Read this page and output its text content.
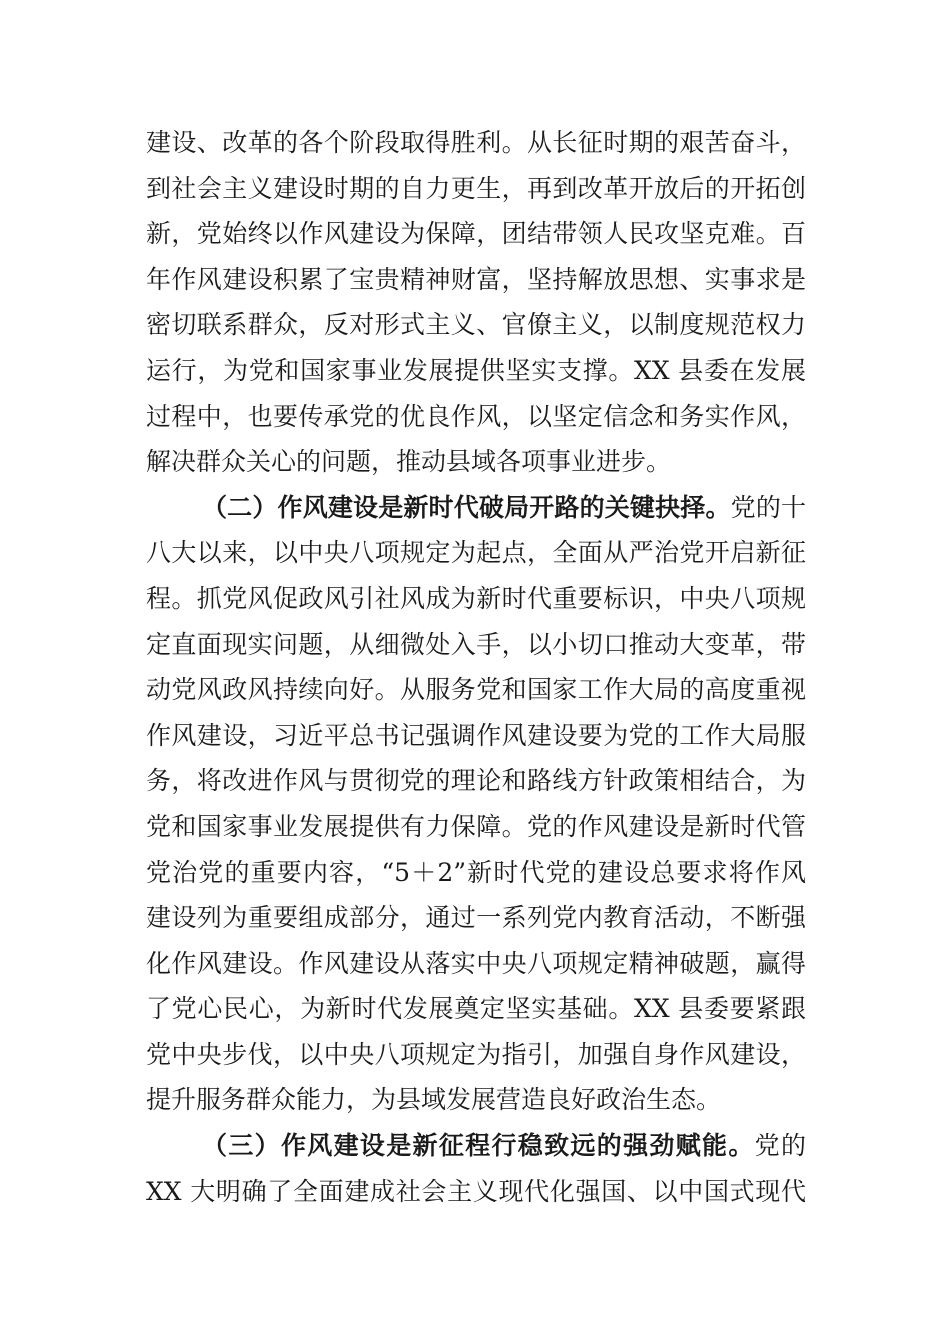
建设、改革的各个阶段取得胜利。从长征时期的艰苦奋斗，
到社会主义建设时期的自力更生，再到改革开放后的开拓创
新，党始终以作风建设为保障，团结带领人民攻坚克难。百
年作风建设积累了宝贵精神财富，坚持解放思想、实事求是
密切联系群众，反对形式主义、官僚主义，以制度规范权力
运行，为党和国家事业发展提供坚实支撑。XX 县委在发展
过程中，也要传承党的优良作风，以坚定信念和务实作风，
解决群众关心的问题，推动县域各项事业进步。
（二）作风建设是新时代破局开路的关键抉择。党的十
八大以来，以中央八项规定为起点，全面从严治党开启新征
程。抓党风促政风引社风成为新时代重要标识，中央八项规
定直面现实问题，从细微处入手，以小切口推动大变革，带
动党风政风持续向好。从服务党和国家工作大局的高度重视
作风建设，习近平总书记强调作风建设要为党的工作大局服
务，将改进作风与贯彻党的理论和路线方针政策相结合，为
党和国家事业发展提供有力保障。党的作风建设是新时代管
党治党的重要内容，“5＋2”新时代党的建设总要求将作风
建设列为重要组成部分，通过一系列党内教育活动，不断强
化作风建设。作风建设从落实中央八项规定精神破题，赢得
了党心民心，为新时代发展奠定坚实基础。XX 县委要紧跟
党中央步伐，以中央八项规定为指引，加强自身作风建设，
提升服务群众能力，为县域发展营造良好政治生态。
（三）作风建设是新征程行稳致远的强劲赋能。党的
XX 大明确了全面建成社会主义现代化强国、以中国式现代
